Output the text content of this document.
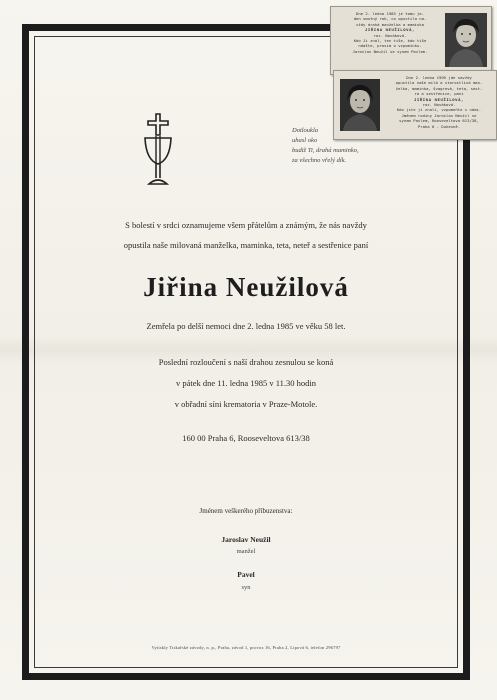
Dotloukla
uhasl oko
budiž Ti, drahá maminko,
za všechno vřelý dík.
S bolestí v srdci oznamujeme všem přátelům a známým, že nás navždy
opustila naše milovaná manželka, maminka, teta, neteř a sestřenice paní
Jiřina Neužilová
Zemřela po delší nemoci dne 2. ledna 1985 ve věku 58 let.
Poslední rozloučení s naší drahou zesnulou se koná
v pátek dne 11. ledna 1985 v 11.30 hodin
v obřadní síni krematoria v Praze-Motole.
160 00 Praha 6, Rooseveltova 613/38
Jménem veškerého příbuzenstva:
Jaroslav Neužil
manžel
Pavel
syn
Vytiskly Tiskařské závody, n. p., Praha, závod 1, provoz 16, Praha 2, Lipová 6, telefon 296797
Dne 2. ledna 1985 je tomu je-
den smutný rok, co opustila na-
vždy drahá manželka a maminka
JIŘINA NEUŽILOVÁ,
roz. Nováková.
Kdo Ji znal, ten tiše, kdo tiše
ndašte, prosim o vzpomínku.
Jaroslav Neužil se synem Pavlem.
Dne 2. ledna 1995 jde navždy
opustila naše milá a starostlivá man-
želka, maminka, švagrová, teta, sest-
ra a sestřenice, paní
JIŘINA NEUŽILOVÁ,
roz. Nováková.
Kdo jste ji znali, vzpomeňte s námi.
Jménem rodiny Jaroslav Neužil se
synem Pavlem, Rooseveltova 613/38,
Praha 6 - Dukenně.
